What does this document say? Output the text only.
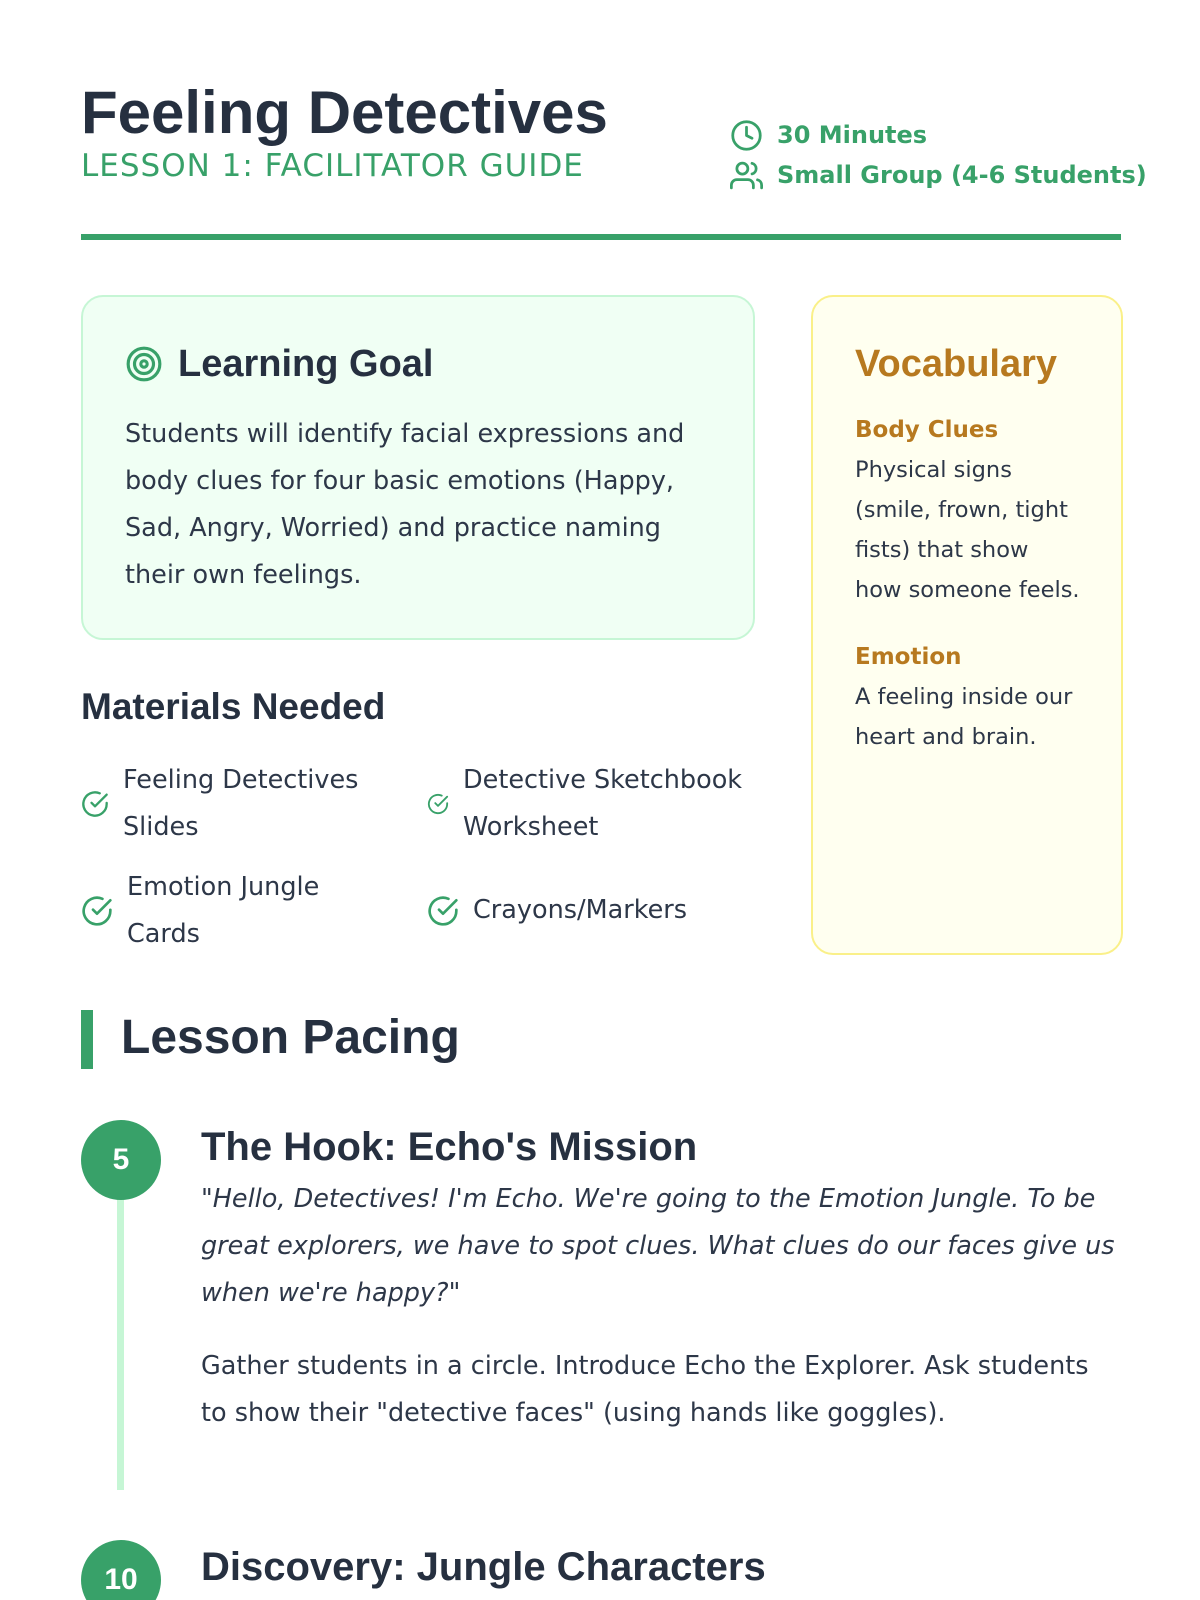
Feeling Detectives
LESSON 1: FACILITATOR GUIDE
30 Minutes
Small Group (4-6 Students)
Learning Goal

Students will identify facial expressions and body clues for four basic emotions (Happy, Sad, Angry, Worried) and practice naming their own feelings.

Materials Needed
Feeling Detectives Slides
Detective Sketchbook Worksheet
Emotion Jungle Cards
Crayons/Markers
Vocabulary
Body Clues
Physical signs (smile, frown, tight fists) that show how someone feels.
Emotion
A feeling inside our heart and brain.
Lesson Pacing
5	The Hook: Echo's Mission

"Hello, Detectives! I'm Echo. We're going to the Emotion Jungle. To be great explorers, we have to spot clues. What clues do our faces give us when we're happy?"

Gather students in a circle. Introduce Echo the Explorer. Ask students to show their "detective faces" (using hands like goggles).

10	Discovery: Jungle Characters
